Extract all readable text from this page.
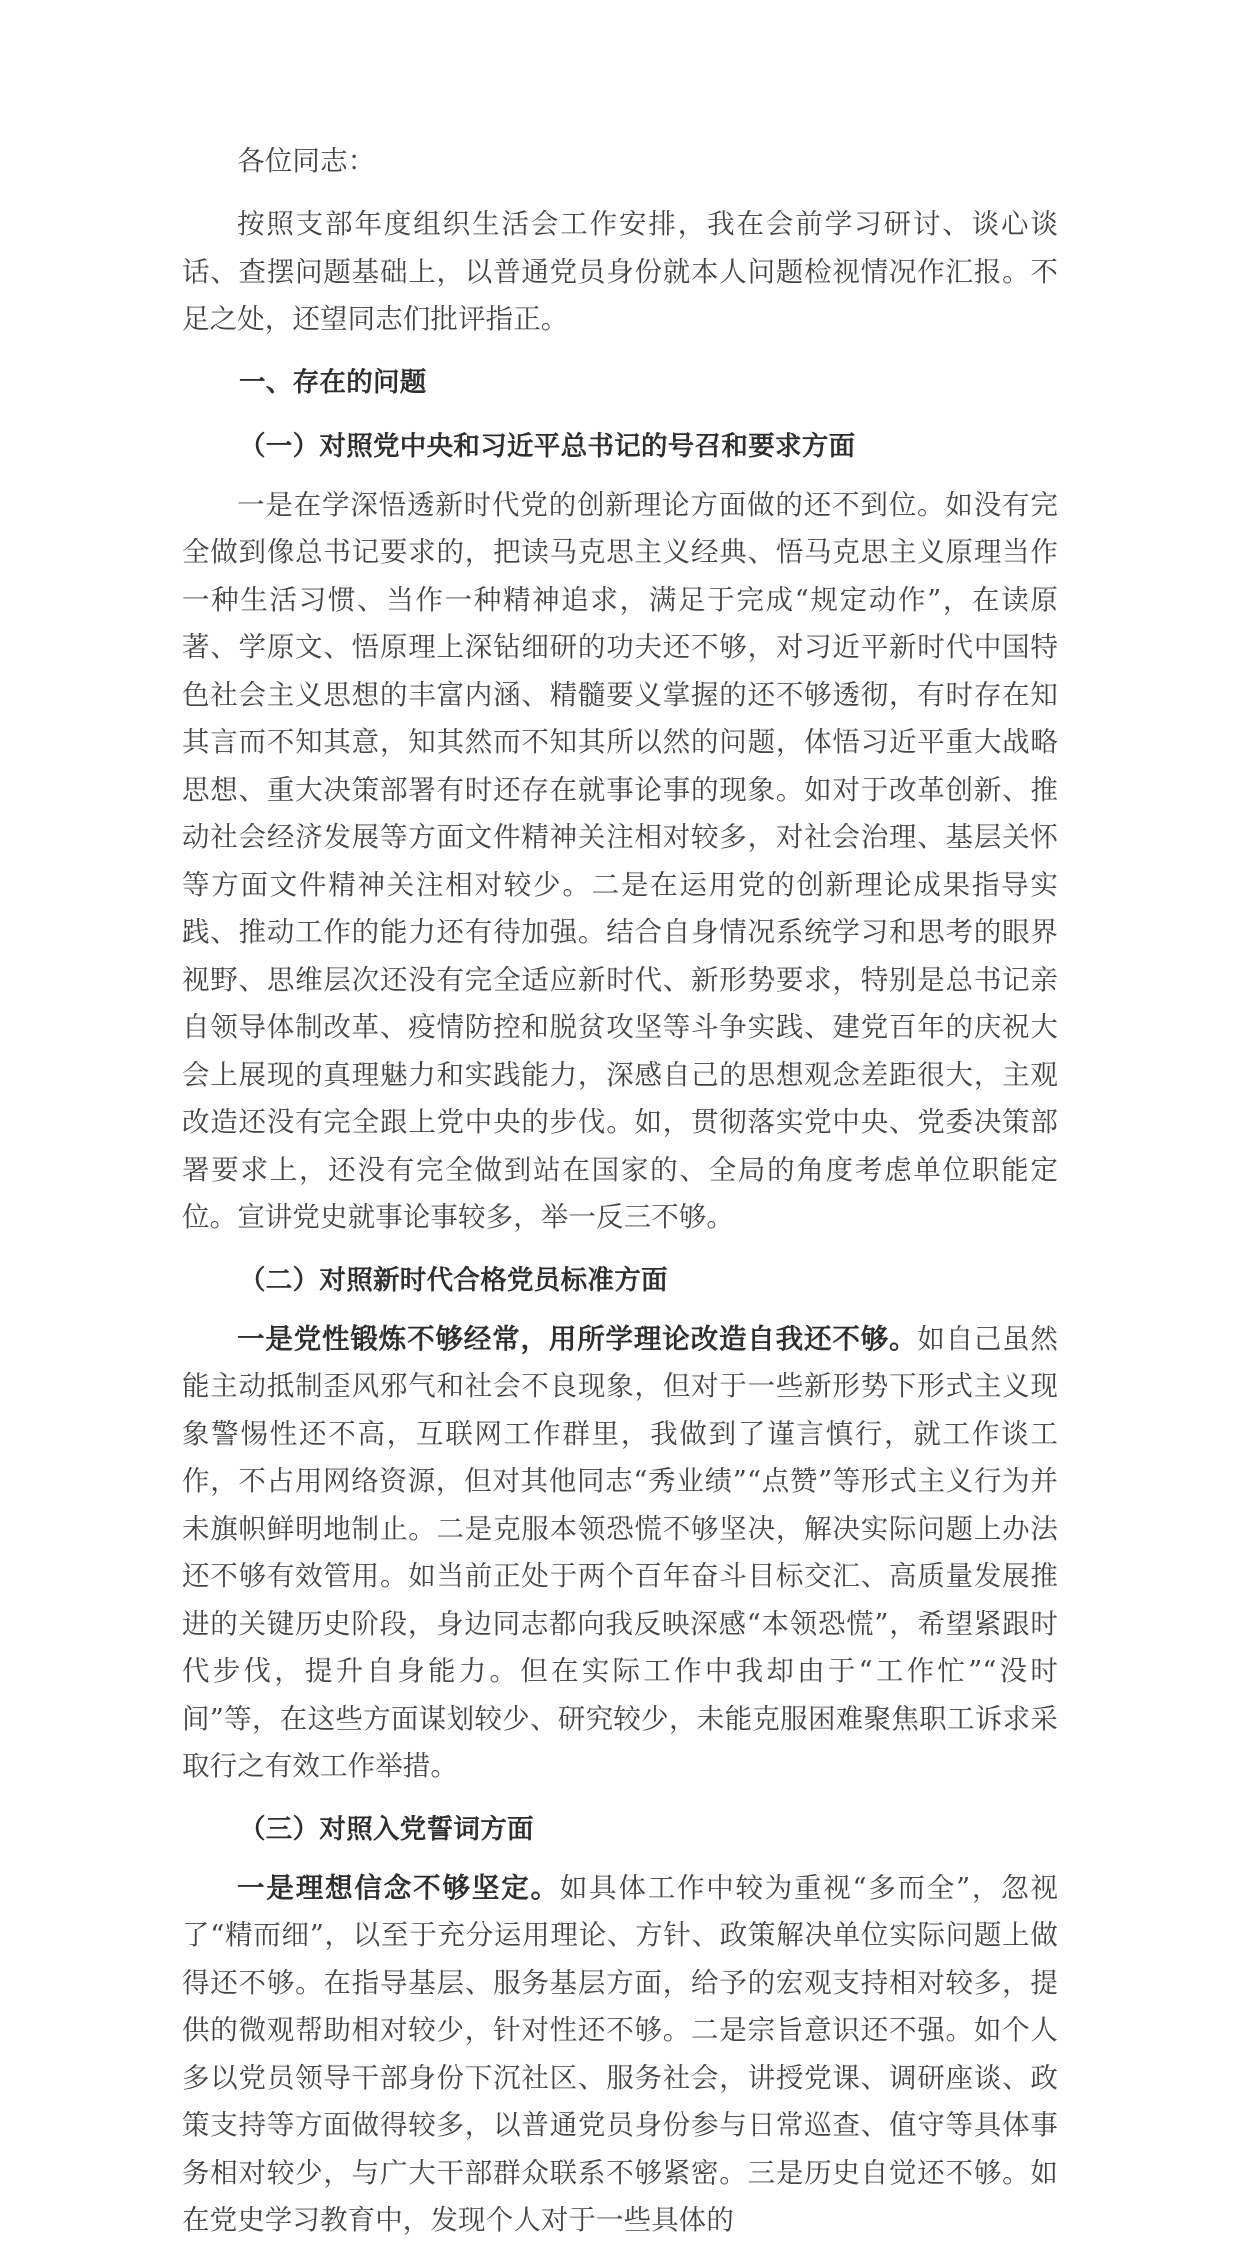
各位同志：

按照支部年度组织生活会工作安排，我在会前学习研讨、谈心谈话、查摆问题基础上，以普通党员身份就本人问题检视情况作汇报。不足之处，还望同志们批评指正。

一、存在的问题
（一）对照党中央和习近平总书记的号召和要求方面

一是在学深悟透新时代党的创新理论方面做的还不到位。如没有完全做到像总书记要求的，把读马克思主义经典、悟马克思主义原理当作一种生活习惯、当作一种精神追求，满足于完成“规定动作”，在读原著、学原文、悟原理上深钻细研的功夫还不够，对习近平新时代中国特色社会主义思想的丰富内涵、精髓要义掌握的还不够透彻，有时存在知其言而不知其意，知其然而不知其所以然的问题，体悟习近平重大战略思想、重大决策部署有时还存在就事论事的现象。如对于改革创新、推动社会经济发展等方面文件精神关注相对较多，对社会治理、基层关怀等方面文件精神关注相对较少。二是在运用党的创新理论成果指导实践、推动工作的能力还有待加强。结合自身情况系统学习和思考的眼界视野、思维层次还没有完全适应新时代、新形势要求，特别是总书记亲自领导体制改革、疫情防控和脱贫攻坚等斗争实践、建党百年的庆祝大会上展现的真理魅力和实践能力，深感自己的思想观念差距很大，主观改造还没有完全跟上党中央的步伐。如，贯彻落实党中央、党委决策部署要求上，还没有完全做到站在国家的、全局的角度考虑单位职能定位。宣讲党史就事论事较多，举一反三不够。

（二）对照新时代合格党员标准方面

一是党性锻炼不够经常，用所学理论改造自我还不够。如自己虽然能主动抵制歪风邪气和社会不良现象，但对于一些新形势下形式主义现象警惕性还不高，互联网工作群里，我做到了谨言慎行，就工作谈工作，不占用网络资源，但对其他同志“秀业绩”“点赞”等形式主义行为并未旗帜鲜明地制止。二是克服本领恐慌不够坚决，解决实际问题上办法还不够有效管用。如当前正处于两个百年奋斗目标交汇、高质量发展推进的关键历史阶段，身边同志都向我反映深感“本领恐慌”，希望紧跟时代步伐，提升自身能力。但在实际工作中我却由于“工作忙”“没时间”等，在这些方面谋划较少、研究较少，未能克服困难聚焦职工诉求采取行之有效工作举措。

（三）对照入党誓词方面

一是理想信念不够坚定。如具体工作中较为重视“多而全”，忽视了“精而细”，以至于充分运用理论、方针、政策解决单位实际问题上做得还不够。在指导基层、服务基层方面，给予的宏观支持相对较多，提供的微观帮助相对较少，针对性还不够。二是宗旨意识还不强。如个人多以党员领导干部身份下沉社区、服务社会，讲授党课、调研座谈、政策支持等方面做得较多，以普通党员身份参与日常巡查、值守等具体事务相对较少，与广大干部群众联系不够紧密。三是历史自觉还不够。如在党史学习教育中，发现个人对于一些具体的
